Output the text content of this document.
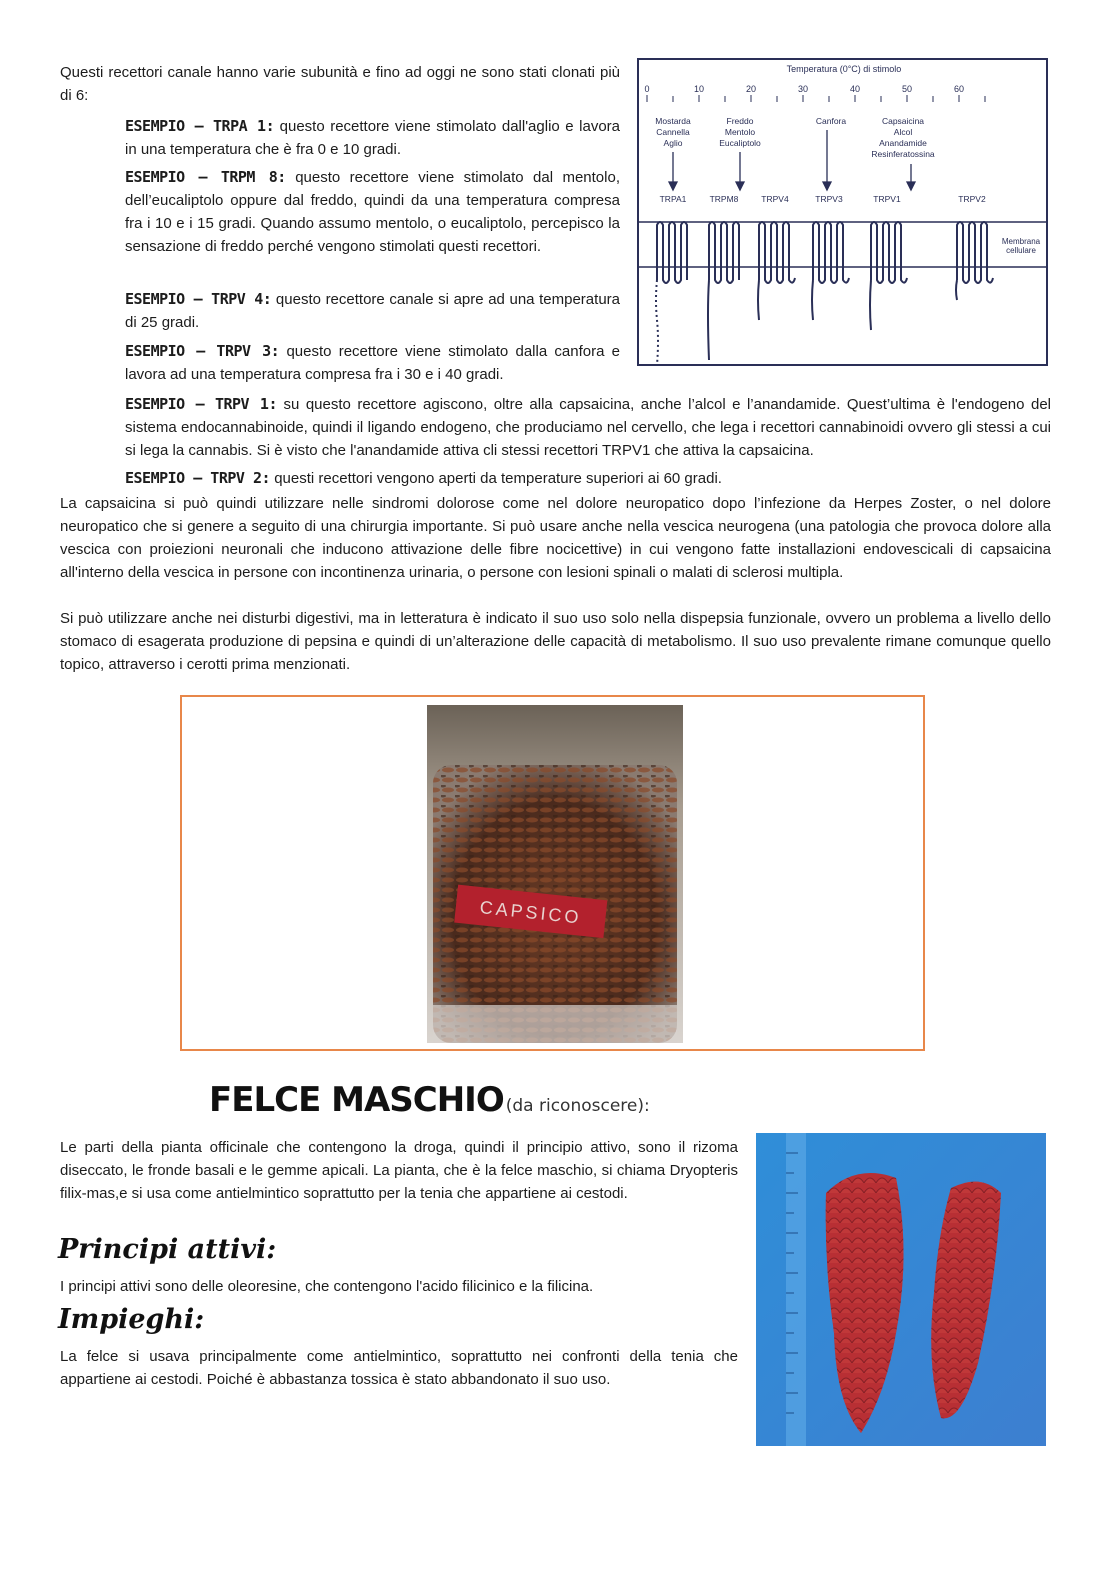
Questi recettori canale hanno varie subunità e fino ad oggi ne sono stati clonati più di 6:
ESEMPIO — TRPA 1: questo recettore viene stimolato dall'aglio e lavora in una temperatura che è fra 0 e 10 gradi.
ESEMPIO — TRPM 8: questo recettore viene stimolato dal mentolo, dell’eucaliptolo oppure dal freddo, quindi da una temperatura compresa fra i 10 e i 15 gradi. Quando assumo mentolo, o eucaliptolo, percepisco la sensazione di freddo perché vengono stimolati questi recettori.
ESEMPIO — TRPV 4: questo recettore canale si apre ad una temperatura di 25 gradi.
ESEMPIO — TRPV 3: questo recettore viene stimolato dalla canfora e lavora ad una temperatura compresa fra i 30 e i 40 gradi.
ESEMPIO — TRPV 1: su questo recettore agiscono, oltre alla capsaicina, anche l’alcol e l’anandamide. Quest’ultima è l'endogeno del sistema endocannabinoide, quindi il ligando endogeno, che produciamo nel cervello, che lega i recettori cannabinoidi ovvero gli stessi a cui si lega la cannabis. Si è visto che l'anandamide attiva cli stessi recettori TRPV1 che attiva la capsaicina.
ESEMPIO — TRPV 2: questi recettori vengono aperti da temperature superiori ai 60 gradi.
La capsaicina si può quindi utilizzare nelle sindromi dolorose come nel dolore neuropatico dopo l’infezione da Herpes Zoster, o nel dolore neuropatico che si genere a seguito di una chirurgia importante. Si può usare anche nella vescica neurogena (una patologia che provoca dolore alla vescica con proiezioni neuronali che inducono attivazione delle fibre nocicettive) in cui vengono fatte installazioni endovescicali di capsaicina all'interno della vescica in persone con incontinenza urinaria, o persone con lesioni spinali o malati di sclerosi multipla.
Si può utilizzare anche nei disturbi digestivi, ma in letteratura è indicato il suo uso solo nella dispepsia funzionale, ovvero un problema a livello dello stomaco di esagerata produzione di pepsina e quindi di un’alterazione delle capacità di metabolismo. Il suo uso prevalente rimane comunque quello topico, attraverso i cerotti prima menzionati.
Temperatura (0°C) di stimolo
0	10	20	30	40	50	60
Mostarda
Cannella
Aglio
Freddo
Mentolo
Eucaliptolo
Canfora	Capsaicina
Alcol
Anandamide
Resinferatossina
TRPA1	TRPM8	TRPV4	TRPV3	TRPV1	TRPV2
Membrana
cellulare
CAPSICO
FELCE MASCHIO (da riconoscere):
Le parti della pianta officinale che contengono la droga, quindi il principio attivo, sono il rizoma diseccato, le fronde basali e le gemme apicali. La pianta, che è la felce maschio, si chiama Dryopteris filix-mas,e si usa come antielmintico soprattutto per la tenia che appartiene ai cestodi.
Principi attivi:
I principi attivi sono delle oleoresine, che contengono l'acido filicinico e la filicina.
Impieghi:
La felce si usava principalmente come antielmintico, soprattutto nei confronti della tenia che appartiene ai cestodi. Poiché è abbastanza tossica è stato abbandonato il suo uso.
